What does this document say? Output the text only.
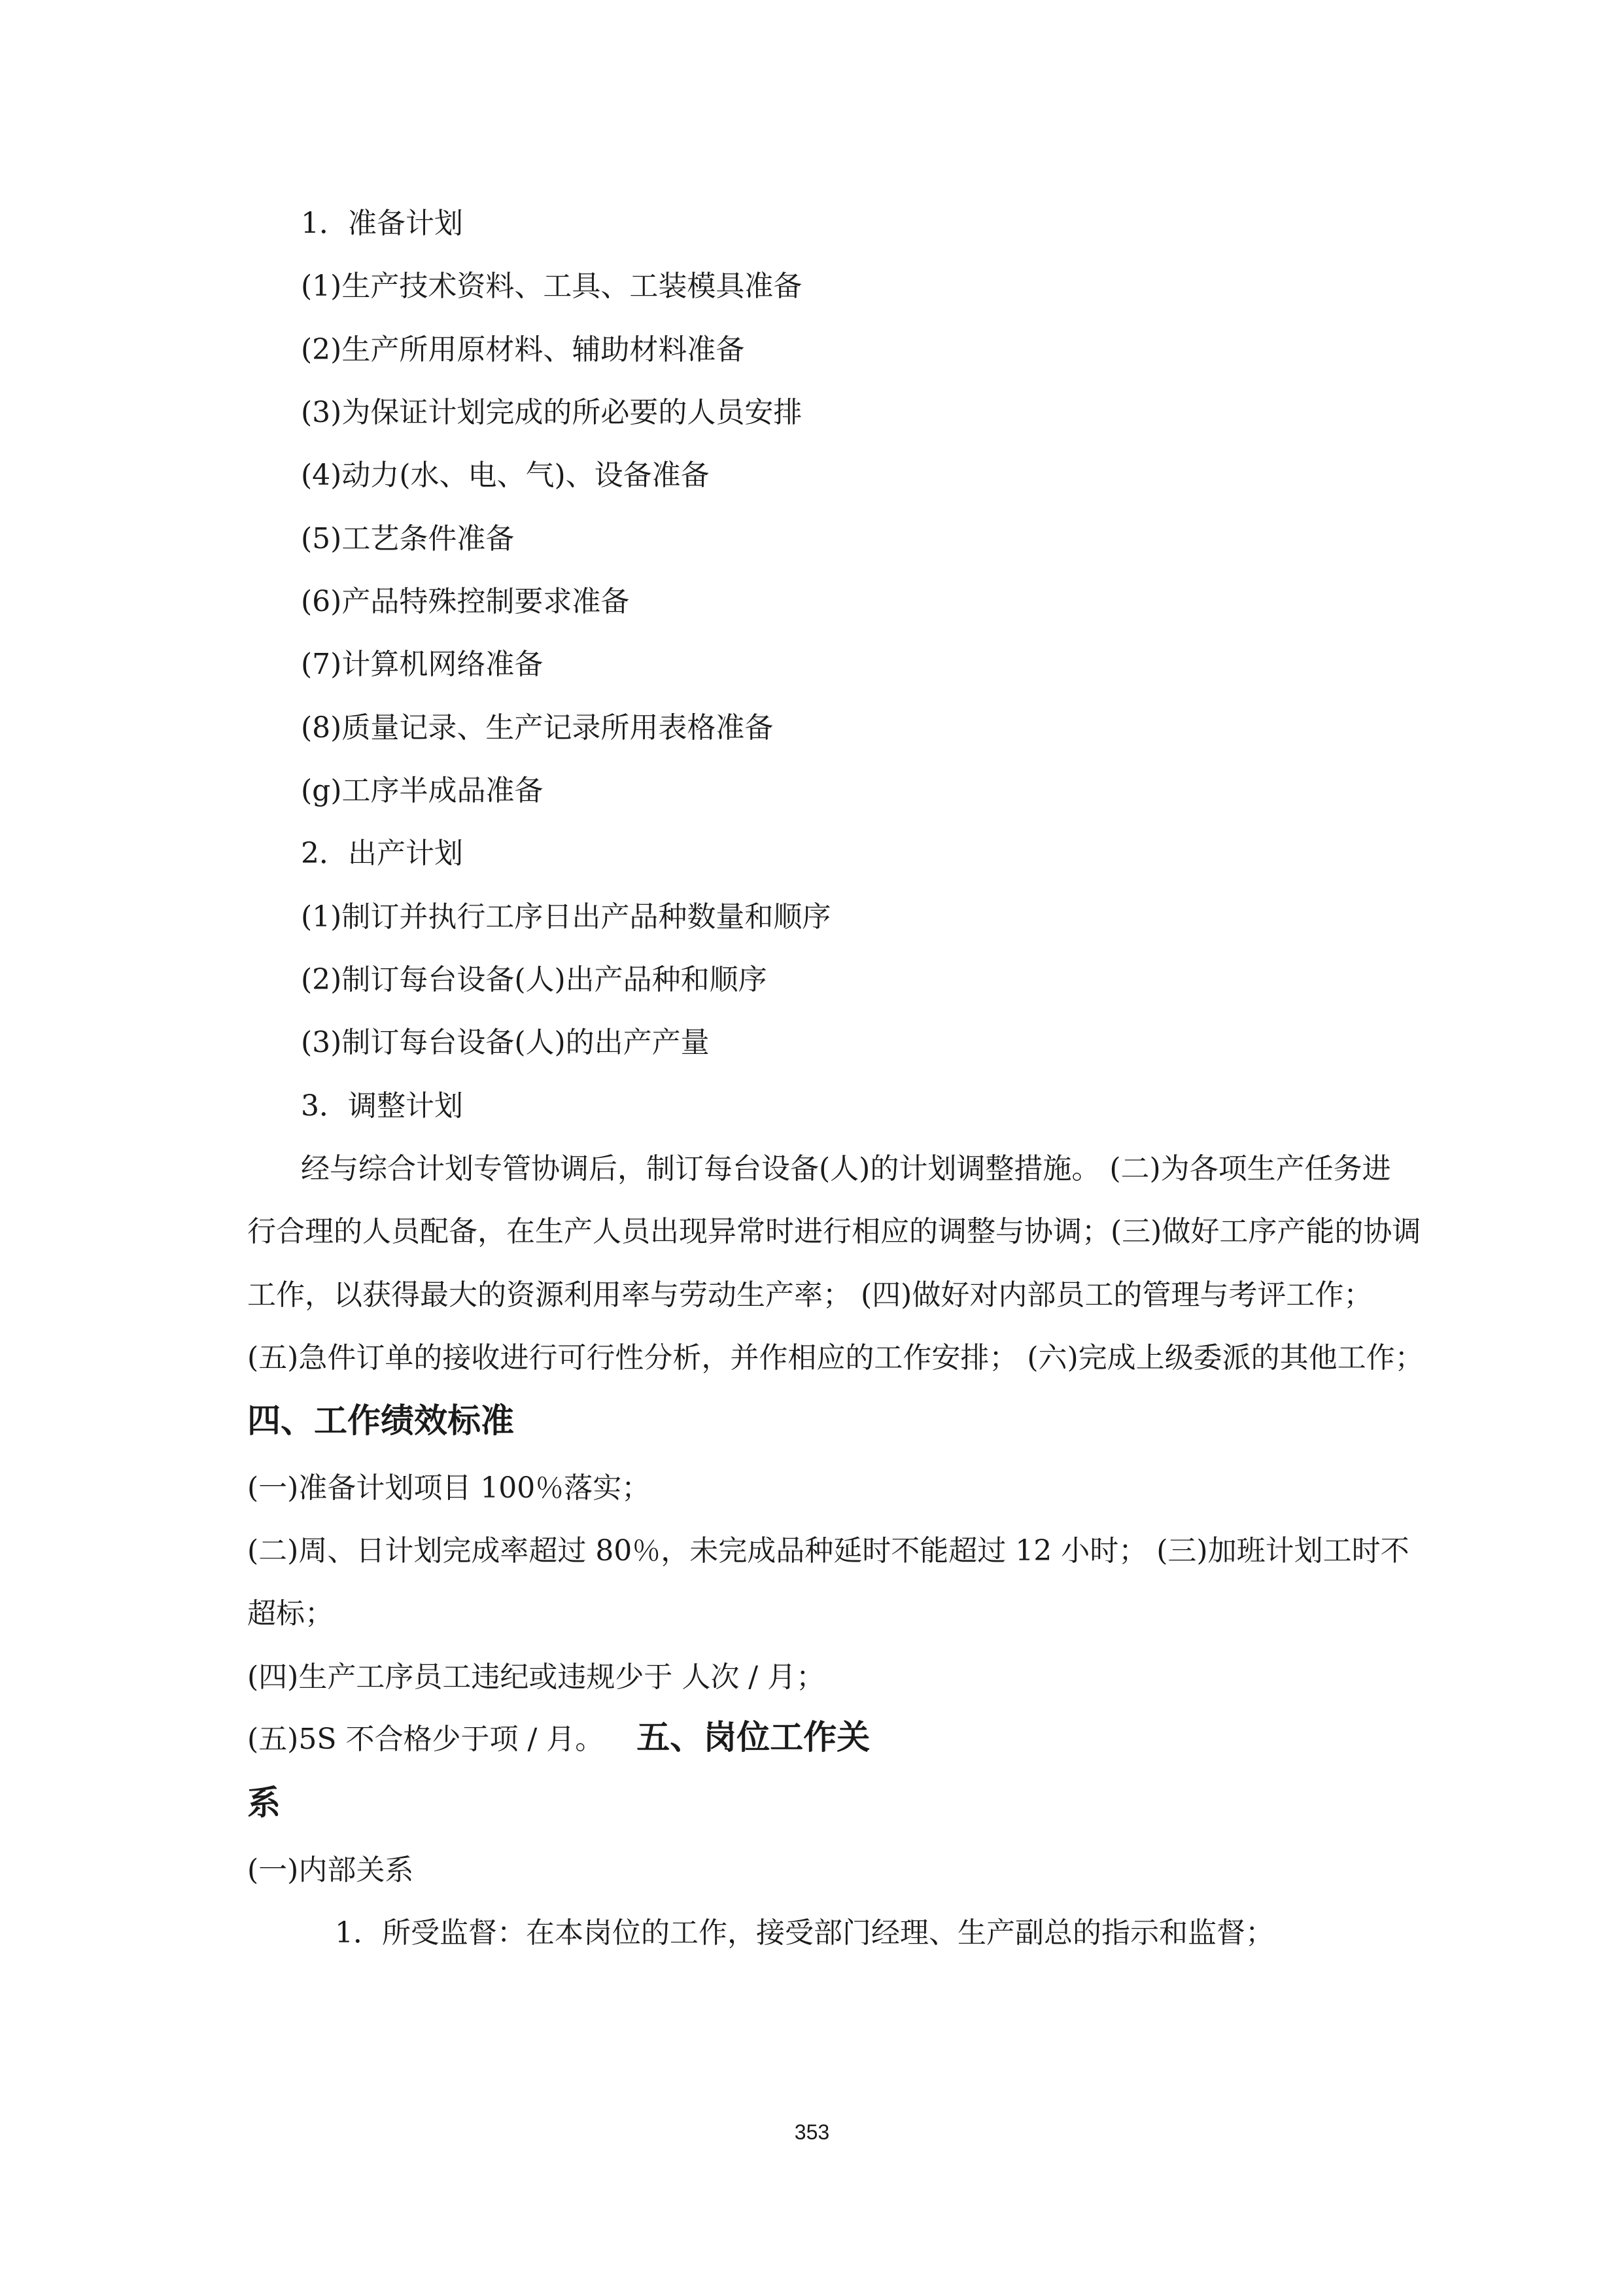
1．准备计划
(1)生产技术资料、工具、工装模具准备
(2)生产所用原材料、辅助材料准备
(3)为保证计划完成的所必要的人员安排
(4)动力(水、电、气)、设备准备
(5)工艺条件准备
(6)产品特殊控制要求准备
(7)计算机网络准备
(8)质量记录、生产记录所用表格准备
(g)工序半成品准备
2．出产计划
(1)制订并执行工序日出产品种数量和顺序
(2)制订每台设备(人)出产品种和顺序
(3)制订每台设备(人)的出产产量
3．调整计划
经与综合计划专管协调后，制订每台设备(人)的计划调整措施。 (二)为各项生产任务进
行合理的人员配备，在生产人员出现异常时进行相应的调整与协调；(三)做好工序产能的协调
工作，以获得最大的资源利用率与劳动生产率； (四)做好对内部员工的管理与考评工作；
(五)急件订单的接收进行可行性分析，并作相应的工作安排； (六)完成上级委派的其他工作；
四、工作绩效标准
(一)准备计划项目 100％落实；
(二)周、日计划完成率超过 80％，未完成品种延时不能超过 12 小时； (三)加班计划工时不
超标；
(四)生产工序员工违纪或违规少于 人次 / 月；
(五)5S 不合格少于项 / 月。 五、岗位工作关
系
(一)内部关系
1．所受监督：在本岗位的工作，接受部门经理、生产副总的指示和监督；
353
